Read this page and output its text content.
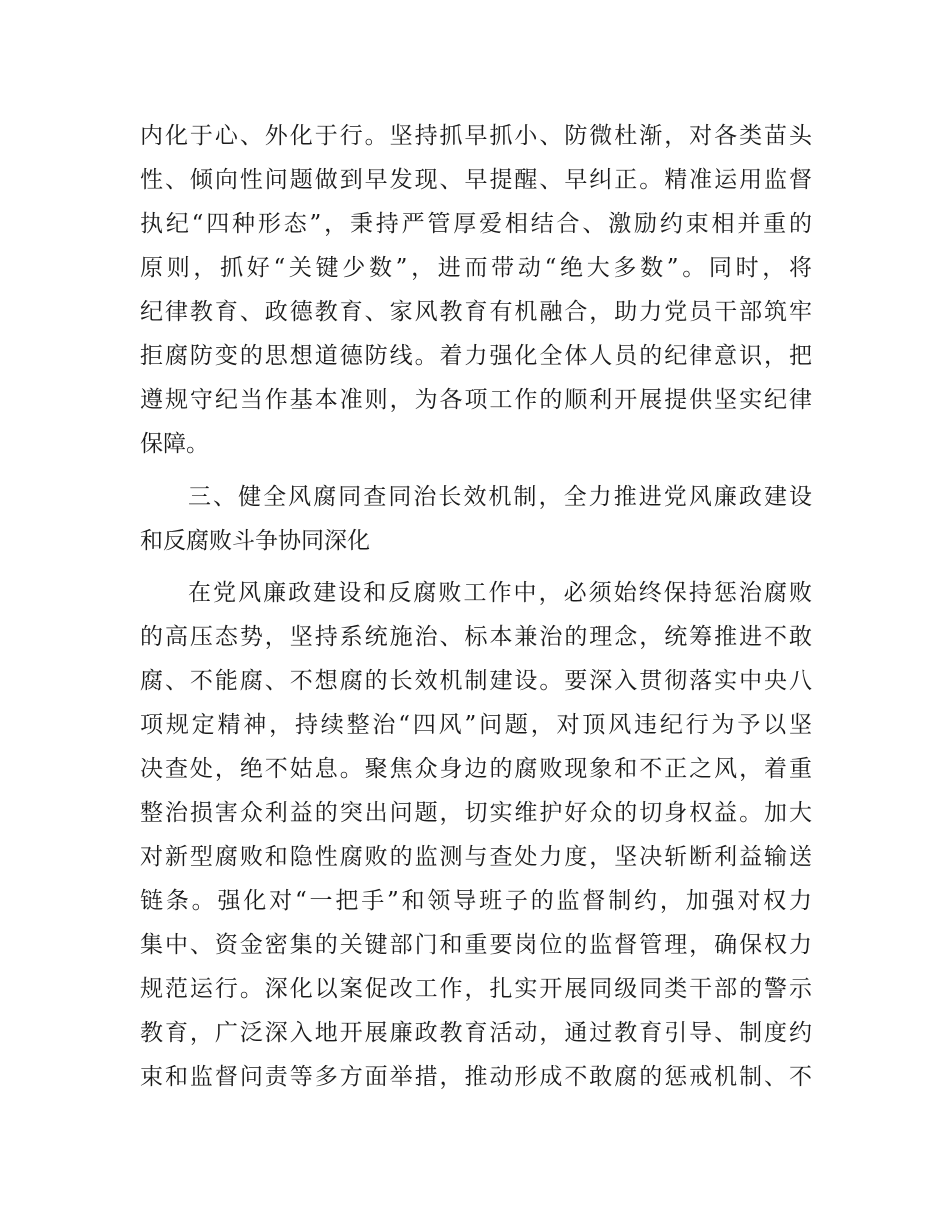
内化于心、外化于行。坚持抓早抓小、防微杜渐，对各类苗头
性、倾向性问题做到早发现、早提醒、早纠正。精准运用监督
执纪“四种形态”，秉持严管厚爱相结合、激励约束相并重的
原则，抓好“关键少数”，进而带动“绝大多数”。同时，将
纪律教育、政德教育、家风教育有机融合，助力党员干部筑牢
拒腐防变的思想道德防线。着力强化全体人员的纪律意识，把
遵规守纪当作基本准则，为各项工作的顺利开展提供坚实纪律
保障。
三、健全风腐同查同治长效机制，全力推进党风廉政建设
和反腐败斗争协同深化
在党风廉政建设和反腐败工作中，必须始终保持惩治腐败
的高压态势，坚持系统施治、标本兼治的理念，统筹推进不敢
腐、不能腐、不想腐的长效机制建设。要深入贯彻落实中央八
项规定精神，持续整治“四风”问题，对顶风违纪行为予以坚
决查处，绝不姑息。聚焦众身边的腐败现象和不正之风，着重
整治损害众利益的突出问题，切实维护好众的切身权益。加大
对新型腐败和隐性腐败的监测与查处力度，坚决斩断利益输送
链条。强化对“一把手”和领导班子的监督制约，加强对权力
集中、资金密集的关键部门和重要岗位的监督管理，确保权力
规范运行。深化以案促改工作，扎实开展同级同类干部的警示
教育，广泛深入地开展廉政教育活动，通过教育引导、制度约
束和监督问责等多方面举措，推动形成不敢腐的惩戒机制、不
